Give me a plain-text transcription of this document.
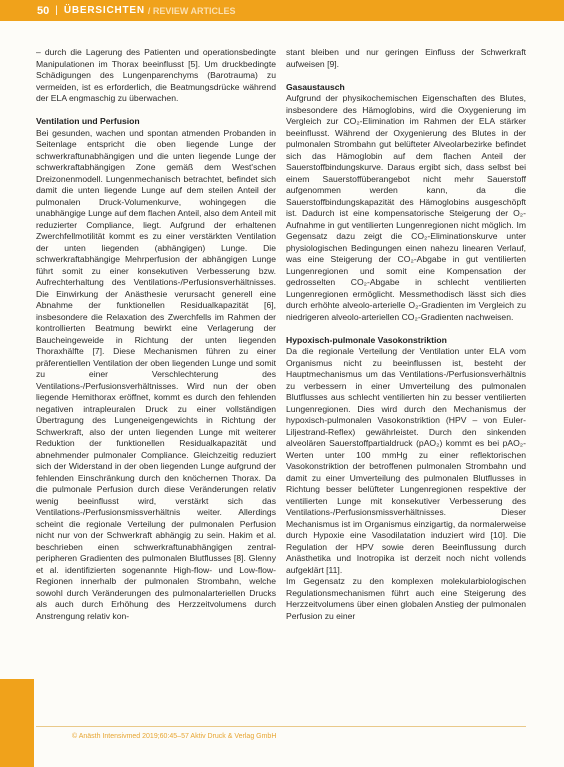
50 | ÜBERSICHTEN / REVIEW ARTICLES

– durch die Lagerung des Patienten und operationsbedingte Manipulationen im Thorax beeinflusst [5]. Um druckbedingte Schädigungen des Lungenparenchyms (Barotrauma) zu vermeiden, ist es erforderlich, die Beatmungsdrücke während der ELA engmaschig zu überwachen.

Ventilation und Perfusion

Bei gesunden, wachen und spontan atmenden Probanden in Seitenlage entspricht die oben liegende Lunge der schwerkraftunabhängigen und die unten liegende Lunge der schwerkraftabhängigen Zone gemäß dem West'schen Dreizonenmodell. Lungenmechanisch betrachtet, befindet sich damit die unten liegende Lunge auf dem steilen Anteil der pulmonalen Druck-Volumenkurve, wohingegen die unabhängige Lunge auf dem flachen Anteil, also dem Anteil mit reduzierter Compliance, liegt. Aufgrund der erhaltenen Zwerchfellmotilität kommt es zu einer verstärkten Ventilation der unten liegenden (abhängigen) Lunge. Die schwerkraftabhängige Mehrperfusion der abhängigen Lunge führt somit zu einer konsekutiven Verbesserung bzw. Aufrechterhaltung des Ventilations-/Perfusionsverhältnisses. Die Einwirkung der Anästhesie verursacht generell eine Abnahme der funktionellen Residualkapazität [6], insbesondere die Relaxation des Zwerchfells im Rahmen der kontrollierten Beatmung bewirkt eine Verlagerung der Baucheingeweide in Richtung der unten liegenden Thoraxhälfte [7]. Diese Mechanismen führen zu einer präferentiellen Ventilation der oben liegenden Lunge und somit zu einer Verschlechterung des Ventilations-/Perfusionsverhältnisses. Wird nun der oben liegende Hemithorax eröffnet, kommt es durch den fehlenden negativen intrapleuralen Druck zu einer vollständigen Übertragung des Lungeneigengewichts in Richtung der Schwerkraft, also der unten liegenden Lunge mit weiterer Reduktion der funktionellen Residualkapazität und abnehmender pulmonaler Compliance. Gleichzeitig reduziert sich der Widerstand in der oben liegenden Lunge aufgrund der fehlenden Einschränkung durch den knöchernen Thorax. Da die pulmonale Perfusion durch diese Veränderungen relativ wenig beeinflusst wird, verstärkt sich das Ventilations-/Perfusionsmissverhältnis weiter. Allerdings scheint die regionale Verteilung der pulmonalen Perfusion nicht nur von der Schwerkraft abhängig zu sein. Hakim et al. beschrieben einen schwerkraftunabhängigen zentral-peripheren Gradienten des pulmonalen Blutflusses [8]. Glenny et al. identifizierten sogenannte High-flow- und Low-flow-Regionen innerhalb der pulmonalen Strombahn, welche sowohl durch Veränderungen des pulmonalarteriellen Drucks als auch durch Erhöhung des Herzzeitvolumens durch Anstrengung relativ kon-

stant bleiben und nur geringen Einfluss der Schwerkraft aufweisen [9].

Gasaustausch

Aufgrund der physikochemischen Eigenschaften des Blutes, insbesondere des Hämoglobins, wird die Oxygenierung im Vergleich zur CO₂-Elimination im Rahmen der ELA stärker beeinflusst. Während der Oxygenierung des Blutes in der pulmonalen Strombahn gut belüfteter Alveolarbezirke befindet sich das Hämoglobin auf dem flachen Anteil der Sauerstoffbindungskurve. Daraus ergibt sich, dass selbst bei einem Sauerstoffüberangebot nicht mehr Sauerstoff aufgenommen werden kann, da die Sauerstoffbindungskapazität des Hämoglobins ausgeschöpft ist. Dadurch ist eine kompensatorische Steigerung der O₂-Aufnahme in gut ventilierten Lungenregionen nicht möglich. Im Gegensatz dazu zeigt die CO₂-Eliminationskurve unter physiologischen Bedingungen einen nahezu linearen Verlauf, was eine Steigerung der CO₂-Abgabe in gut ventilierten Lungenregionen und somit eine Kompensation der gedrosselten CO₂-Abgabe in schlecht ventilierten Lungenregionen ermöglicht. Messmethodisch lässt sich dies durch erhöhte alveolo-arterielle O₂-Gradienten im Vergleich zu niedrigeren alveolo-arteriellen CO₂-Gradienten nachweisen.

Hypoxisch-pulmonale Vasokonstriktion

Da die regionale Verteilung der Ventilation unter ELA vom Organismus nicht zu beeinflussen ist, besteht der Hauptmechanismus um das Ventilations-/Perfusionsverhältnis zu verbessern in einer Umverteilung des pulmonalen Blutflusses aus schlecht ventilierten hin zu besser ventilierten Lungenregionen. Dies wird durch den Mechanismus der hypoxisch-pulmonalen Vasokonstriktion (HPV – von Euler-Liljestrand-Reflex) gewährleistet. Durch den sinkenden alveolären Sauerstoffpartialdruck (pAO₂) kommt es bei pAO₂-Werten unter 100 mmHg zu einer reflektorischen Vasokonstriktion der betroffenen pulmonalen Strombahn und damit zu einer Umverteilung des pulmonalen Blutflusses in Richtung besser belüfteter Lungenregionen respektive der ventilierten Lunge mit konsekutiver Verbesserung des Ventilations-/Perfusionsmissverhältnisses. Dieser Mechanismus ist im Organismus einzigartig, da normalerweise durch Hypoxie eine Vasodilatation induziert wird [10]. Die Regulation der HPV sowie deren Beeinflussung durch Anästhetika und Inotropika ist derzeit noch nicht vollends aufgeklärt [11].

Im Gegensatz zu den komplexen molekularbiologischen Regulationsmechanismen führt auch eine Steigerung des Herzzeitvolumens über einen globalen Anstieg der pulmonalen Perfusion zu einer

© Anästh Intensivmed 2019;60:45–57 Aktiv Druck & Verlag GmbH
